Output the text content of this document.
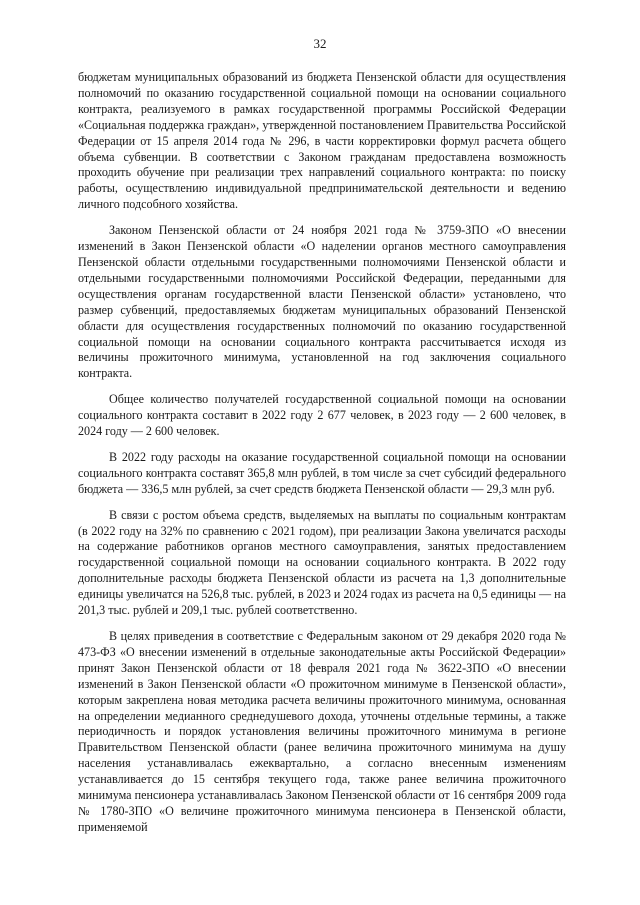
32

бюджетам муниципальных образований из бюджета Пензенской области для осуществления полномочий по оказанию государственной социальной помощи на основании социального контракта, реализуемого в рамках государственной программы Российской Федерации «Социальная поддержка граждан», утвержденной постановлением Правительства Российской Федерации от 15 апреля 2014 года № 296, в части корректировки формул расчета общего объема субвенции. В соответствии с Законом гражданам предоставлена возможность проходить обучение при реализации трех направлений социального контракта: по поиску работы, осуществлению индивидуальной предпринимательской деятельности и ведению личного подсобного хозяйства.

Законом Пензенской области от 24 ноября 2021 года № 3759-ЗПО «О внесении изменений в Закон Пензенской области «О наделении органов местного самоуправления Пензенской области отдельными государственными полномочиями Пензенской области и отдельными государственными полномочиями Российской Федерации, переданными для осуществления органам государственной власти Пензенской области» установлено, что размер субвенций, предоставляемых бюджетам муниципальных образований Пензенской области для осуществления государственных полномочий по оказанию государственной социальной помощи на основании социального контракта рассчитывается исходя из величины прожиточного минимума, установленной на год заключения социального контракта.

Общее количество получателей государственной социальной помощи на основании социального контракта составит в 2022 году 2 677 человек, в 2023 году — 2 600 человек, в 2024 году — 2 600 человек.

В 2022 году расходы на оказание государственной социальной помощи на основании социального контракта составят 365,8 млн рублей, в том числе за счет субсидий федерального бюджета — 336,5 млн рублей, за счет средств бюджета Пензенской области — 29,3 млн руб.

В связи с ростом объема средств, выделяемых на выплаты по социальным контрактам (в 2022 году на 32% по сравнению с 2021 годом), при реализации Закона увеличатся расходы на содержание работников органов местного самоуправления, занятых предоставлением государственной социальной помощи на основании социального контракта. В 2022 году дополнительные расходы бюджета Пензенской области из расчета на 1,3 дополнительные единицы увеличатся на 526,8 тыс. рублей, в 2023 и 2024 годах из расчета на 0,5 единицы — на 201,3 тыс. рублей и 209,1 тыс. рублей соответственно.

В целях приведения в соответствие с Федеральным законом от 29 декабря 2020 года № 473-ФЗ «О внесении изменений в отдельные законодательные акты Российской Федерации» принят Закон Пензенской области от 18 февраля 2021 года № 3622-ЗПО «О внесении изменений в Закон Пензенской области «О прожиточном минимуме в Пензенской области», которым закреплена новая методика расчета величины прожиточного минимума, основанная на определении медианного среднедушевого дохода, уточнены отдельные термины, а также периодичность и порядок установления величины прожиточного минимума в регионе Правительством Пензенской области (ранее величина прожиточного минимума на душу населения устанавливалась ежеквартально, а согласно внесенным изменениям устанавливается до 15 сентября текущего года, также ранее величина прожиточного минимума пенсионера устанавливалась Законом Пензенской области от 16 сентября 2009 года № 1780-ЗПО «О величине прожиточного минимума пенсионера в Пензенской области, применяемой
